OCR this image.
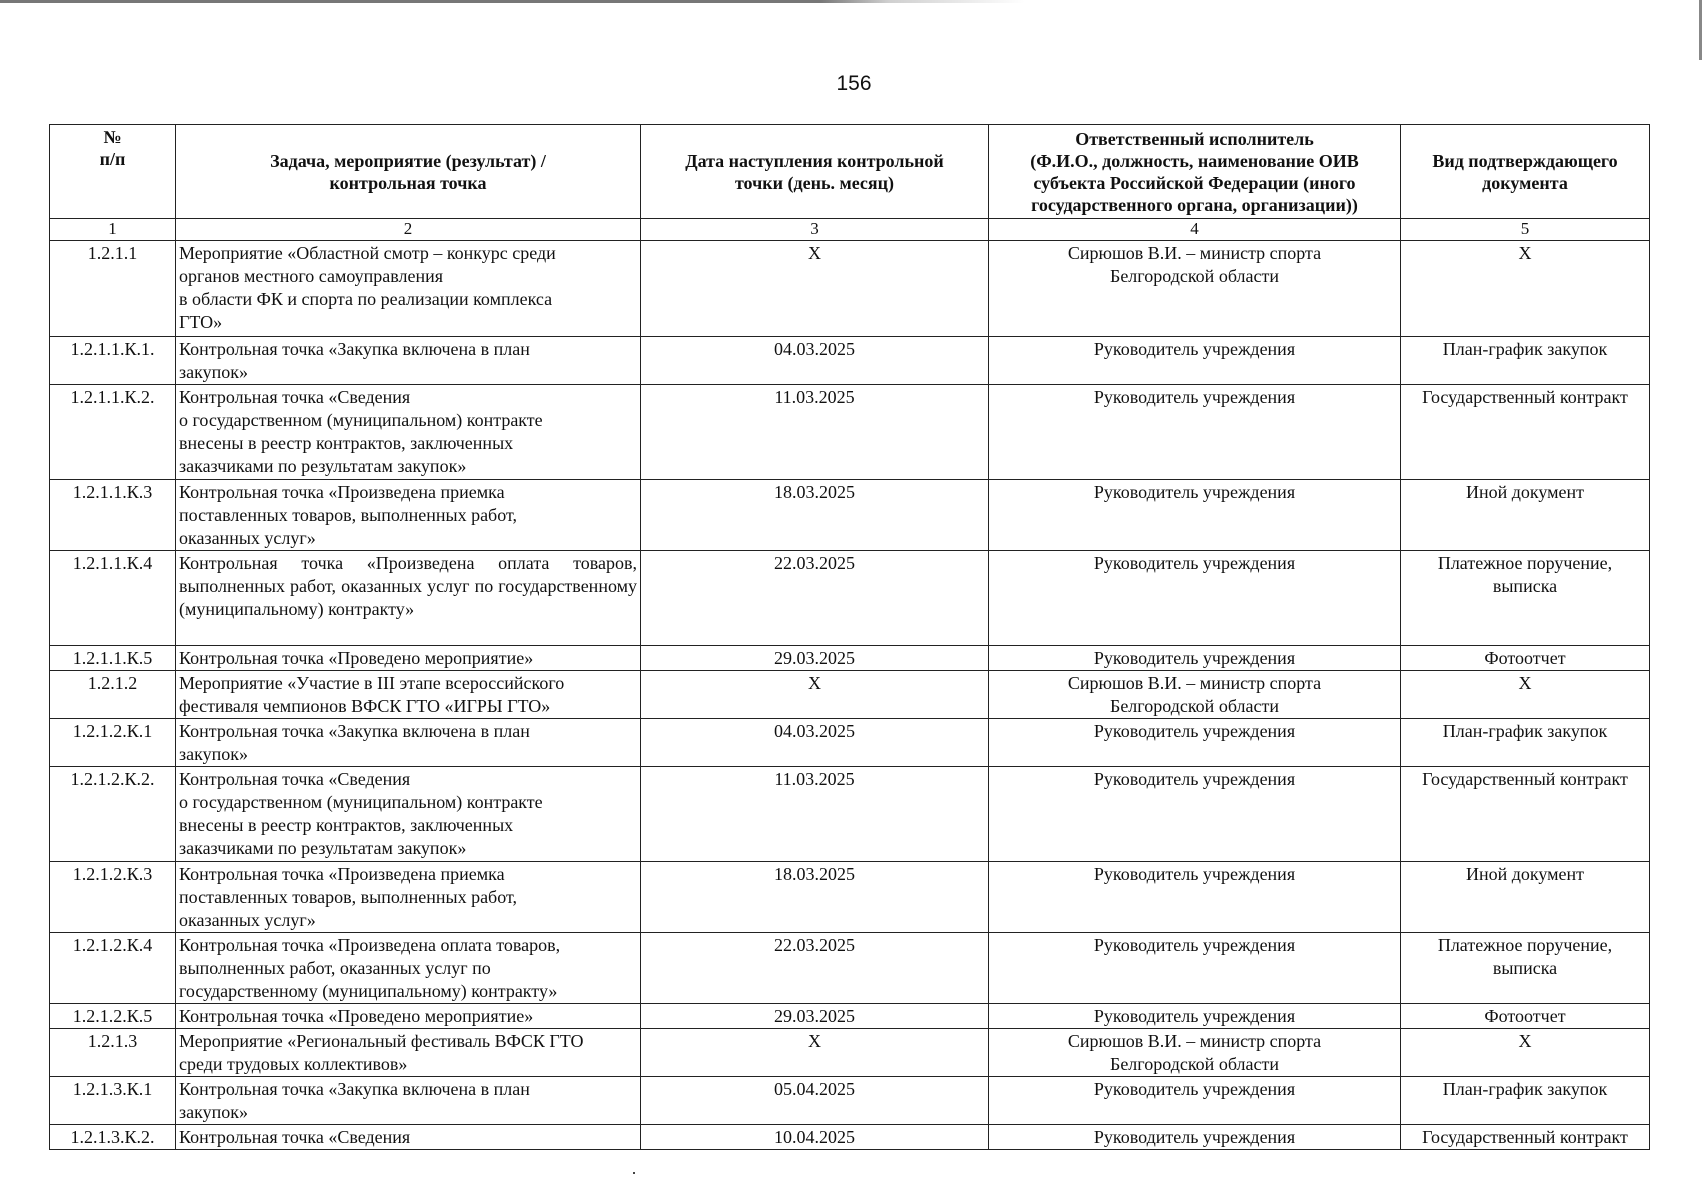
156
№
п/п	Задача, мероприятие (результат) /
контрольная точка	Дата наступления контрольной
точки (день. месяц)	Ответственный исполнитель
(Ф.И.О., должность, наименование ОИВ
субъекта Российской Федерации (иного
государственного органа, организации))	Вид подтверждающего
документа
1	2	3	4	5
1.2.1.1	Мероприятие «Областной смотр – конкурс среди
органов местного самоуправления
в области ФК и спорта по реализации комплекса
ГТО»	Х	Сирюшов В.И. – министр спорта
Белгородской области	Х
1.2.1.1.К.1.	Контрольная точка «Закупка включена в план
закупок»	04.03.2025	Руководитель учреждения	План-график закупок
1.2.1.1.К.2.	Контрольная точка «Сведения
о государственном (муниципальном) контракте
внесены в реестр контрактов, заключенных
заказчиками по результатам закупок»	11.03.2025	Руководитель учреждения	Государственный контракт
1.2.1.1.К.3	Контрольная точка «Произведена приемка
поставленных товаров, выполненных работ,
оказанных услуг»	18.03.2025	Руководитель учреждения	Иной документ
1.2.1.1.К.4	Контрольная точка «Произведена оплата товаров, выполненных работ, оказанных услуг по государственному (муниципальному) контракту»	22.03.2025	Руководитель учреждения	Платежное поручение,
выписка
1.2.1.1.К.5	Контрольная точка «Проведено мероприятие»	29.03.2025	Руководитель учреждения	Фотоотчет
1.2.1.2	Мероприятие «Участие в III этапе всероссийского
фестиваля чемпионов ВФСК ГТО «ИГРЫ ГТО»	Х	Сирюшов В.И. – министр спорта
Белгородской области	Х
1.2.1.2.К.1	Контрольная точка «Закупка включена в план
закупок»	04.03.2025	Руководитель учреждения	План-график закупок
1.2.1.2.К.2.	Контрольная точка «Сведения
о государственном (муниципальном) контракте
внесены в реестр контрактов, заключенных
заказчиками по результатам закупок»	11.03.2025	Руководитель учреждения	Государственный контракт
1.2.1.2.К.3	Контрольная точка «Произведена приемка
поставленных товаров, выполненных работ,
оказанных услуг»	18.03.2025	Руководитель учреждения	Иной документ
1.2.1.2.К.4	Контрольная точка «Произведена оплата товаров,
выполненных работ, оказанных услуг по
государственному (муниципальному) контракту»	22.03.2025	Руководитель учреждения	Платежное поручение,
выписка
1.2.1.2.К.5	Контрольная точка «Проведено мероприятие»	29.03.2025	Руководитель учреждения	Фотоотчет
1.2.1.3	Мероприятие «Региональный фестиваль ВФСК ГТО
среди трудовых коллективов»	Х	Сирюшов В.И. – министр спорта
Белгородской области	Х
1.2.1.3.К.1	Контрольная точка «Закупка включена в план
закупок»	05.04.2025	Руководитель учреждения	План-график закупок
1.2.1.3.К.2.	Контрольная точка «Сведения	10.04.2025	Руководитель учреждения	Государственный контракт
